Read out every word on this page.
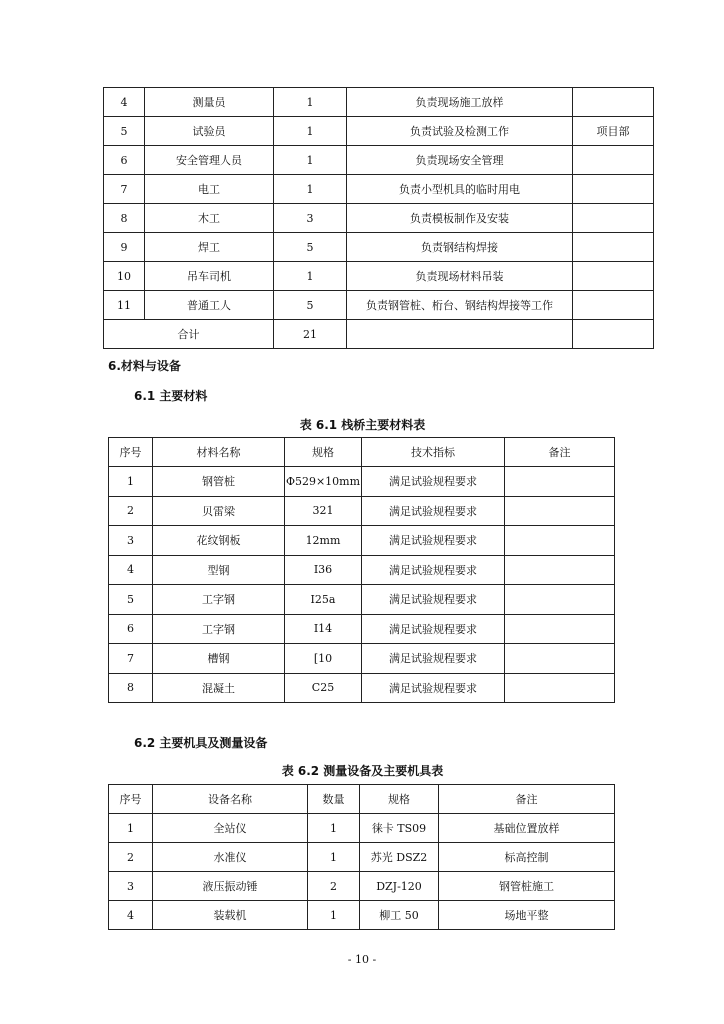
4	测量员	1	负责现场施工放样	
5	试验员	1	负责试验及检测工作	项目部
6	安全管理人员	1	负责现场安全管理	
7	电工	1	负责小型机具的临时用电	
8	木工	3	负责模板制作及安装	
9	焊工	5	负责钢结构焊接	
10	吊车司机	1	负责现场材料吊装	
11	普通工人	5	负责钢管桩、桁台、钢结构焊接等工作	
合计		21		
6.材料与设备
6.1 主要材料
表 6.1 栈桥主要材料表
序号	材料名称	规格	技术指标	备注
1	钢管桩	Φ529×10mm	满足试验规程要求	
2	贝雷梁	321	满足试验规程要求	
3	花纹钢板	12mm	满足试验规程要求	
4	型钢	I36	满足试验规程要求	
5	工字钢	I25a	满足试验规程要求	
6	工字钢	I14	满足试验规程要求	
7	槽钢	[10	满足试验规程要求	
8	混凝土	C25	满足试验规程要求	
6.2 主要机具及测量设备
表 6.2 测量设备及主要机具表
序号	设备名称	数量	规格	备注
1	全站仪	1	徕卡 TS09	基础位置放样
2	水准仪	1	苏光 DSZ2	标高控制
3	液压振动锤	2	DZJ-120	钢管桩施工
4	装载机	1	柳工 50	场地平整
- 10 -
